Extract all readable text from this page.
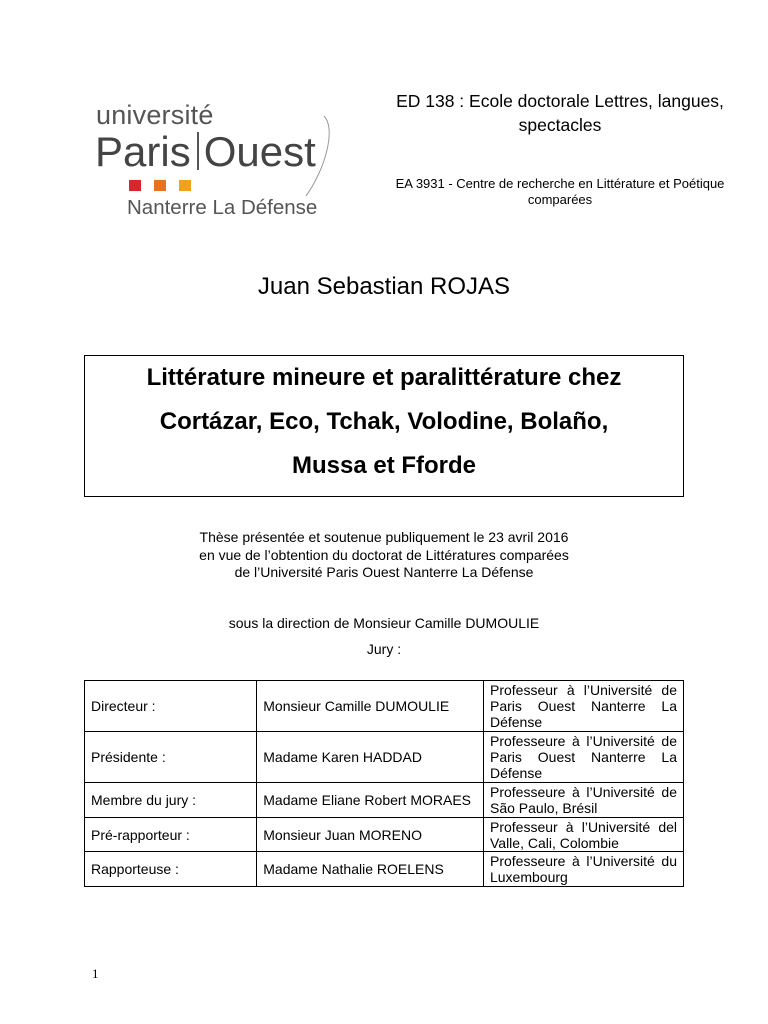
université
Paris Ouest
Nanterre La Défense
ED 138 : Ecole doctorale Lettres, langues,
spectacles
EA 3931 - Centre de recherche en Littérature et Poétique
comparées
Juan Sebastian ROJAS
Littérature mineure et paralittérature chez
Cortázar, Eco, Tchak, Volodine, Bolaño,
Mussa et Fforde
Thèse présentée et soutenue publiquement le 23 avril 2016
en vue de l’obtention du doctorat de Littératures comparées
de l’Université Paris Ouest Nanterre La Défense
sous la direction de Monsieur Camille DUMOULIE
Jury :
Directeur :	Monsieur Camille DUMOULIE	Professeur à l’Université de Paris Ouest Nanterre La Défense
Présidente :	Madame Karen HADDAD	Professeure à l’Université de Paris Ouest Nanterre La Défense
Membre du jury :	Madame Eliane Robert MORAES	Professeure à l’Université de São Paulo, Brésil
Pré-rapporteur :	Monsieur Juan MORENO	Professeur à l’Université del Valle, Cali, Colombie
Rapporteuse :	Madame Nathalie ROELENS	Professeure à l’Université du Luxembourg
1
